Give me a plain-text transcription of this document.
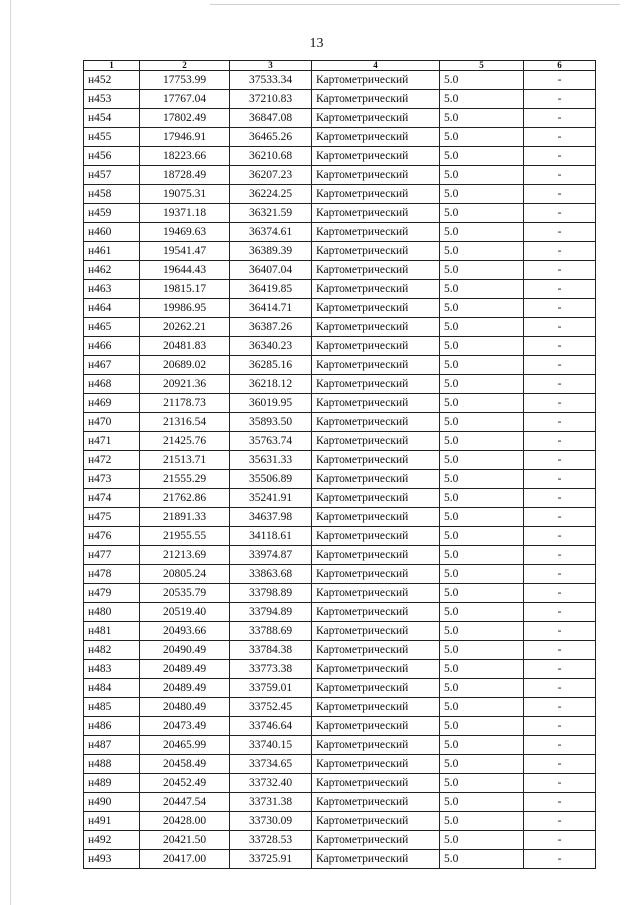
13
1	2	3	4	5	6
н452	17753.99	37533.34	Картометрический	5.0	-
н453	17767.04	37210.83	Картометрический	5.0	-
н454	17802.49	36847.08	Картометрический	5.0	-
н455	17946.91	36465.26	Картометрический	5.0	-
н456	18223.66	36210.68	Картометрический	5.0	-
н457	18728.49	36207.23	Картометрический	5.0	-
н458	19075.31	36224.25	Картометрический	5.0	-
н459	19371.18	36321.59	Картометрический	5.0	-
н460	19469.63	36374.61	Картометрический	5.0	-
н461	19541.47	36389.39	Картометрический	5.0	-
н462	19644.43	36407.04	Картометрический	5.0	-
н463	19815.17	36419.85	Картометрический	5.0	-
н464	19986.95	36414.71	Картометрический	5.0	-
н465	20262.21	36387.26	Картометрический	5.0	-
н466	20481.83	36340.23	Картометрический	5.0	-
н467	20689.02	36285.16	Картометрический	5.0	-
н468	20921.36	36218.12	Картометрический	5.0	-
н469	21178.73	36019.95	Картометрический	5.0	-
н470	21316.54	35893.50	Картометрический	5.0	-
н471	21425.76	35763.74	Картометрический	5.0	-
н472	21513.71	35631.33	Картометрический	5.0	-
н473	21555.29	35506.89	Картометрический	5.0	-
н474	21762.86	35241.91	Картометрический	5.0	-
н475	21891.33	34637.98	Картометрический	5.0	-
н476	21955.55	34118.61	Картометрический	5.0	-
н477	21213.69	33974.87	Картометрический	5.0	-
н478	20805.24	33863.68	Картометрический	5.0	-
н479	20535.79	33798.89	Картометрический	5.0	-
н480	20519.40	33794.89	Картометрический	5.0	-
н481	20493.66	33788.69	Картометрический	5.0	-
н482	20490.49	33784.38	Картометрический	5.0	-
н483	20489.49	33773.38	Картометрический	5.0	-
н484	20489.49	33759.01	Картометрический	5.0	-
н485	20480.49	33752.45	Картометрический	5.0	-
н486	20473.49	33746.64	Картометрический	5.0	-
н487	20465.99	33740.15	Картометрический	5.0	-
н488	20458.49	33734.65	Картометрический	5.0	-
н489	20452.49	33732.40	Картометрический	5.0	-
н490	20447.54	33731.38	Картометрический	5.0	-
н491	20428.00	33730.09	Картометрический	5.0	-
н492	20421.50	33728.53	Картометрический	5.0	-
н493	20417.00	33725.91	Картометрический	5.0	-
